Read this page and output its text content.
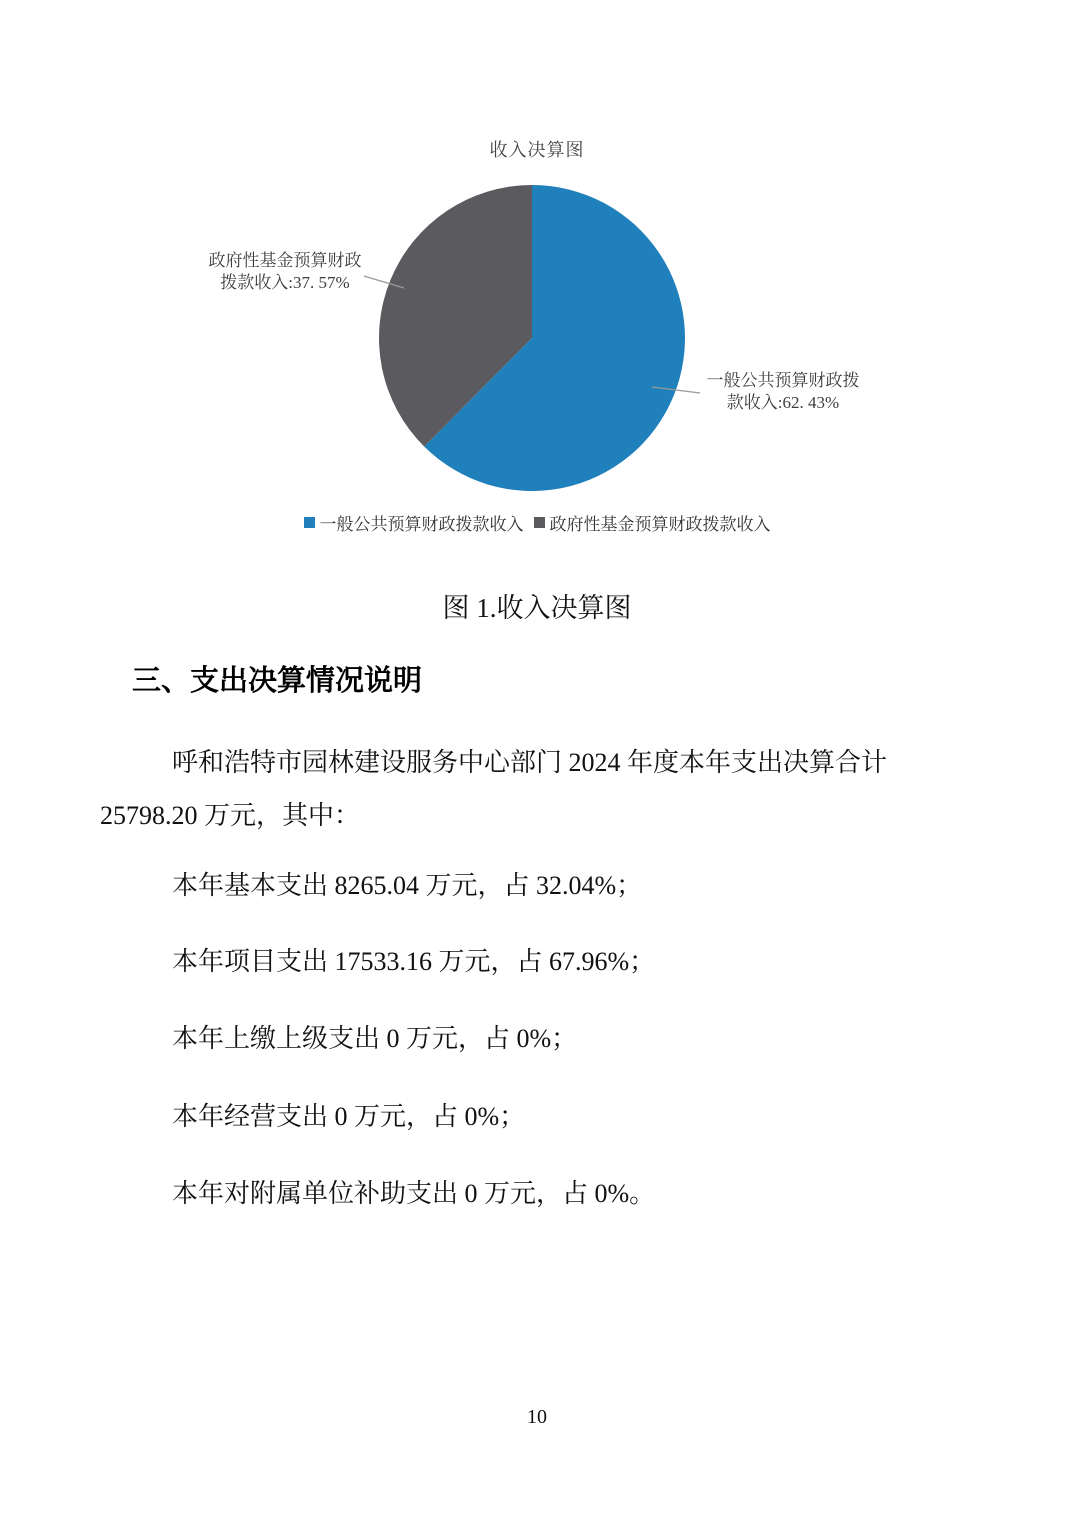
收入决算图
政府性基金预算财政
拨款收入:37. 57%
一般公共预算财政拨
款收入:62. 43%
一般公共预算财政拨款收入 政府性基金预算财政拨款收入
图 1.收入决算图
三、支出决算情况说明

呼和浩特市园林建设服务中心部门 2024 年度本年支出决算合计 25798.20 万元，其中：

本年基本支出 8265.04 万元，占 32.04%；

本年项目支出 17533.16 万元，占 67.96%；

本年上缴上级支出 0 万元，占 0%；

本年经营支出 0 万元，占 0%；

本年对附属单位补助支出 0 万元，占 0%。

10
